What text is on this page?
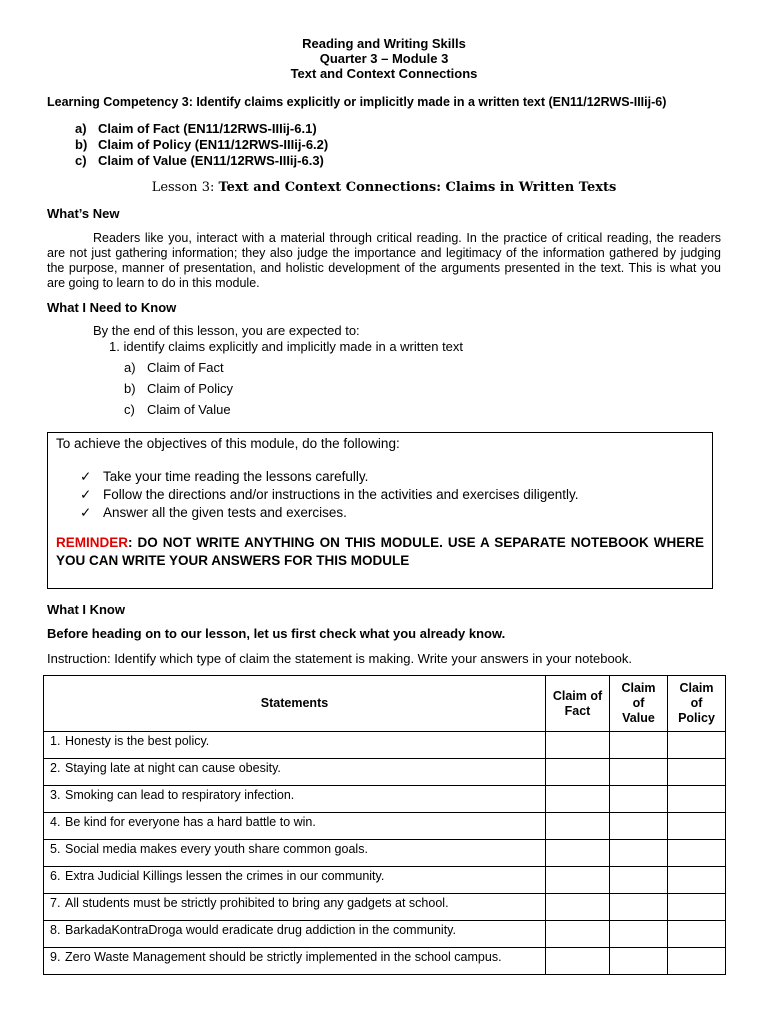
Reading and Writing Skills
Quarter 3 – Module 3
Text and Context Connections
Learning Competency 3: Identify claims explicitly or implicitly made in a written text (EN11/12RWS-IIIij-6)
a) Claim of Fact (EN11/12RWS-IIIij-6.1)
b) Claim of Policy (EN11/12RWS-IIIij-6.2)
c) Claim of Value (EN11/12RWS-IIIij-6.3)
Lesson 3: Text and Context Connections: Claims in Written Texts
What’s New
Readers like you, interact with a material through critical reading. In the practice of critical reading, the readers are not just gathering information; they also judge the importance and legitimacy of the information gathered by judging the purpose, manner of presentation, and holistic development of the arguments presented in the text. This is what you are going to learn to do in this module.
What I Need to Know
By the end of this lesson, you are expected to:
1. identify claims explicitly and implicitly made in a written text
a) Claim of Fact
b) Claim of Policy
c) Claim of Value
To achieve the objectives of this module, do the following:
✓ Take your time reading the lessons carefully.
✓ Follow the directions and/or instructions in the activities and exercises diligently.
✓ Answer all the given tests and exercises.
REMINDER: DO NOT WRITE ANYTHING ON THIS MODULE. USE A SEPARATE NOTEBOOK WHERE YOU CAN WRITE YOUR ANSWERS FOR THIS MODULE
What I Know
Before heading on to our lesson, let us first check what you already know.
Instruction: Identify which type of claim the statement is making. Write your answers in your notebook.
Statements	Claim of Fact	Claim of Value	Claim of Policy
1. Honesty is the best policy.			
2. Staying late at night can cause obesity.			
3. Smoking can lead to respiratory infection.			
4. Be kind for everyone has a hard battle to win.			
5. Social media makes every youth share common goals.			
6. Extra Judicial Killings lessen the crimes in our community.			
7. All students must be strictly prohibited to bring any gadgets at school.			
8. BarkadaKontraDroga would eradicate drug addiction in the community.			
9. Zero Waste Management should be strictly implemented in the school campus.			
